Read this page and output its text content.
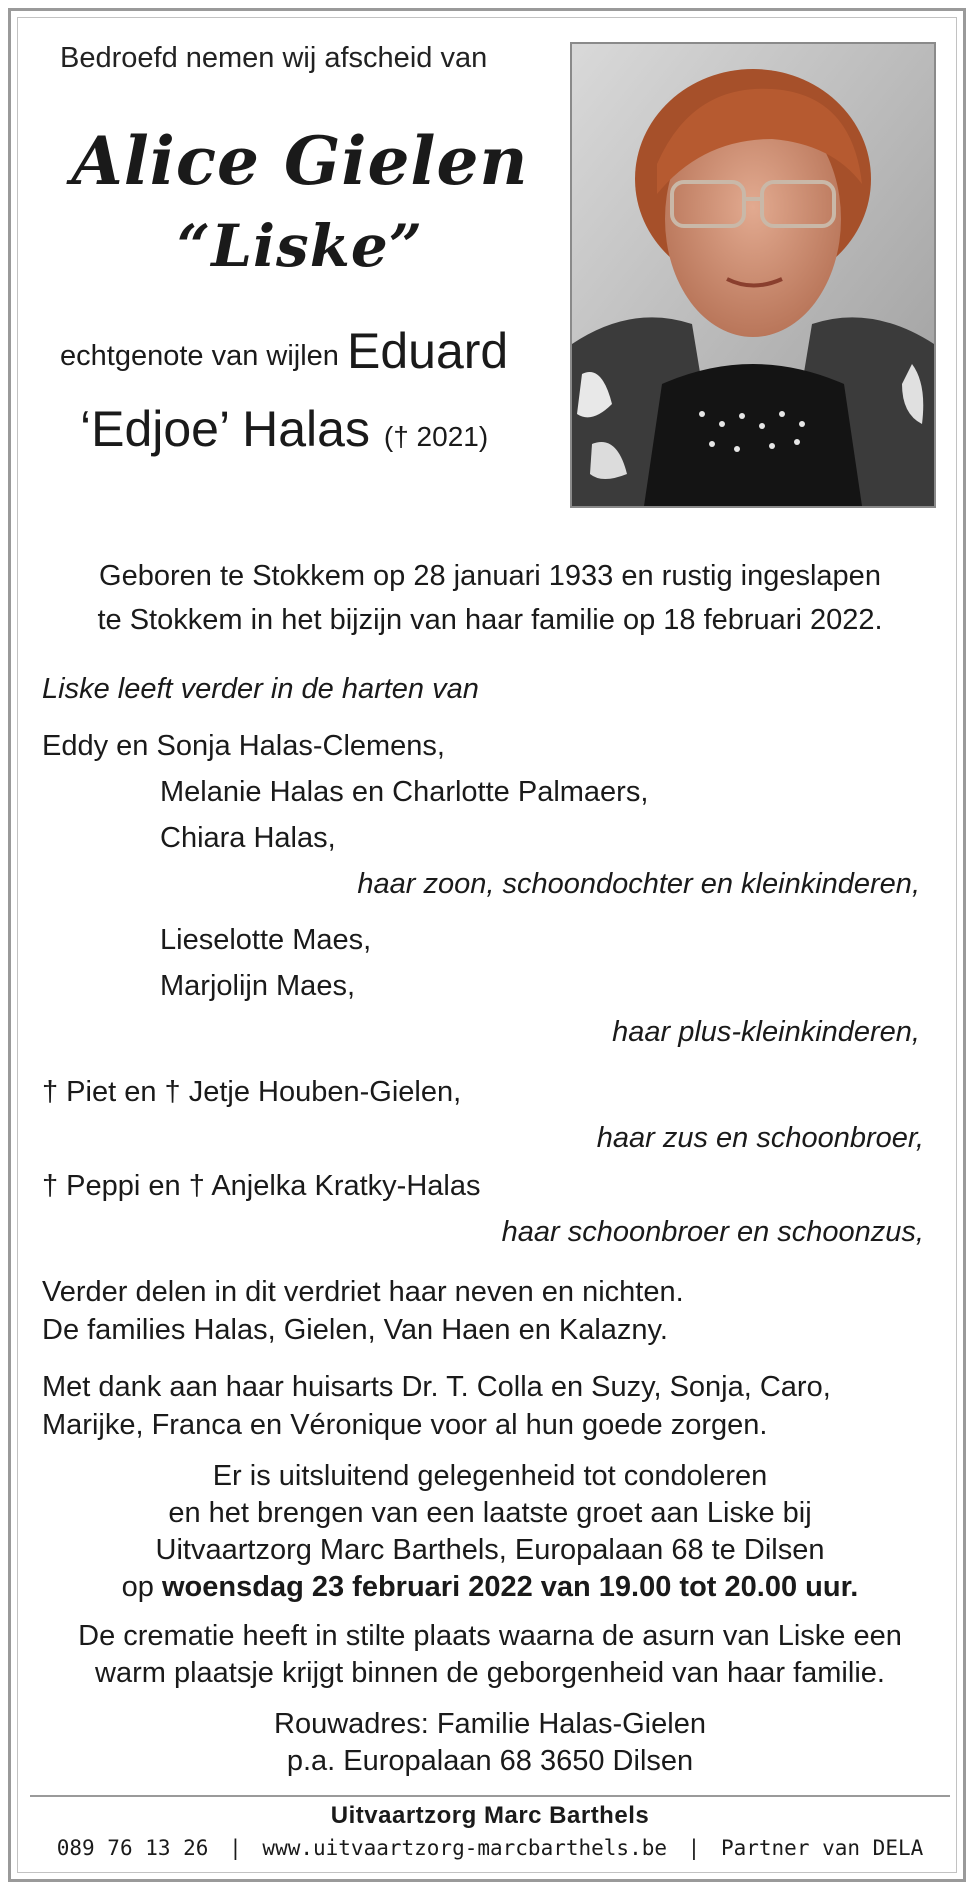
Bedroefd nemen wij afscheid van
Alice Gielen
“Liske”
echtgenote van wijlen Eduard
‘Edjoe’ Halas († 2021)
Geboren te Stokkem op 28 januari 1933 en rustig ingeslapen
te Stokkem in het bijzijn van haar familie op 18 februari 2022.
Liske leeft verder in de harten van
Eddy en Sonja Halas-Clemens,
Melanie Halas en Charlotte Palmaers,
Chiara Halas,
haar zoon, schoondochter en kleinkinderen,
Lieselotte Maes,
Marjolijn Maes,
haar plus-kleinkinderen,
† Piet en † Jetje Houben-Gielen,
haar zus en schoonbroer,
† Peppi en † Anjelka Kratky-Halas
haar schoonbroer en schoonzus,
Verder delen in dit verdriet haar neven en nichten.
De families Halas, Gielen, Van Haen en Kalazny.
Met dank aan haar huisarts Dr. T. Colla en Suzy, Sonja, Caro,
Marijke, Franca en Véronique voor al hun goede zorgen.
Er is uitsluitend gelegenheid tot condoleren
en het brengen van een laatste groet aan Liske bij
Uitvaartzorg Marc Barthels, Europalaan 68 te Dilsen
op woensdag 23 februari 2022 van 19.00 tot 20.00 uur.
De crematie heeft in stilte plaats waarna de asurn van Liske een
warm plaatsje krijgt binnen de geborgenheid van haar familie.
Rouwadres: Familie Halas-Gielen
p.a. Europalaan 68 3650 Dilsen
Uitvaartzorg Marc Barthels
089 76 13 26 | www.uitvaartzorg-marcbarthels.be | Partner van DELA
